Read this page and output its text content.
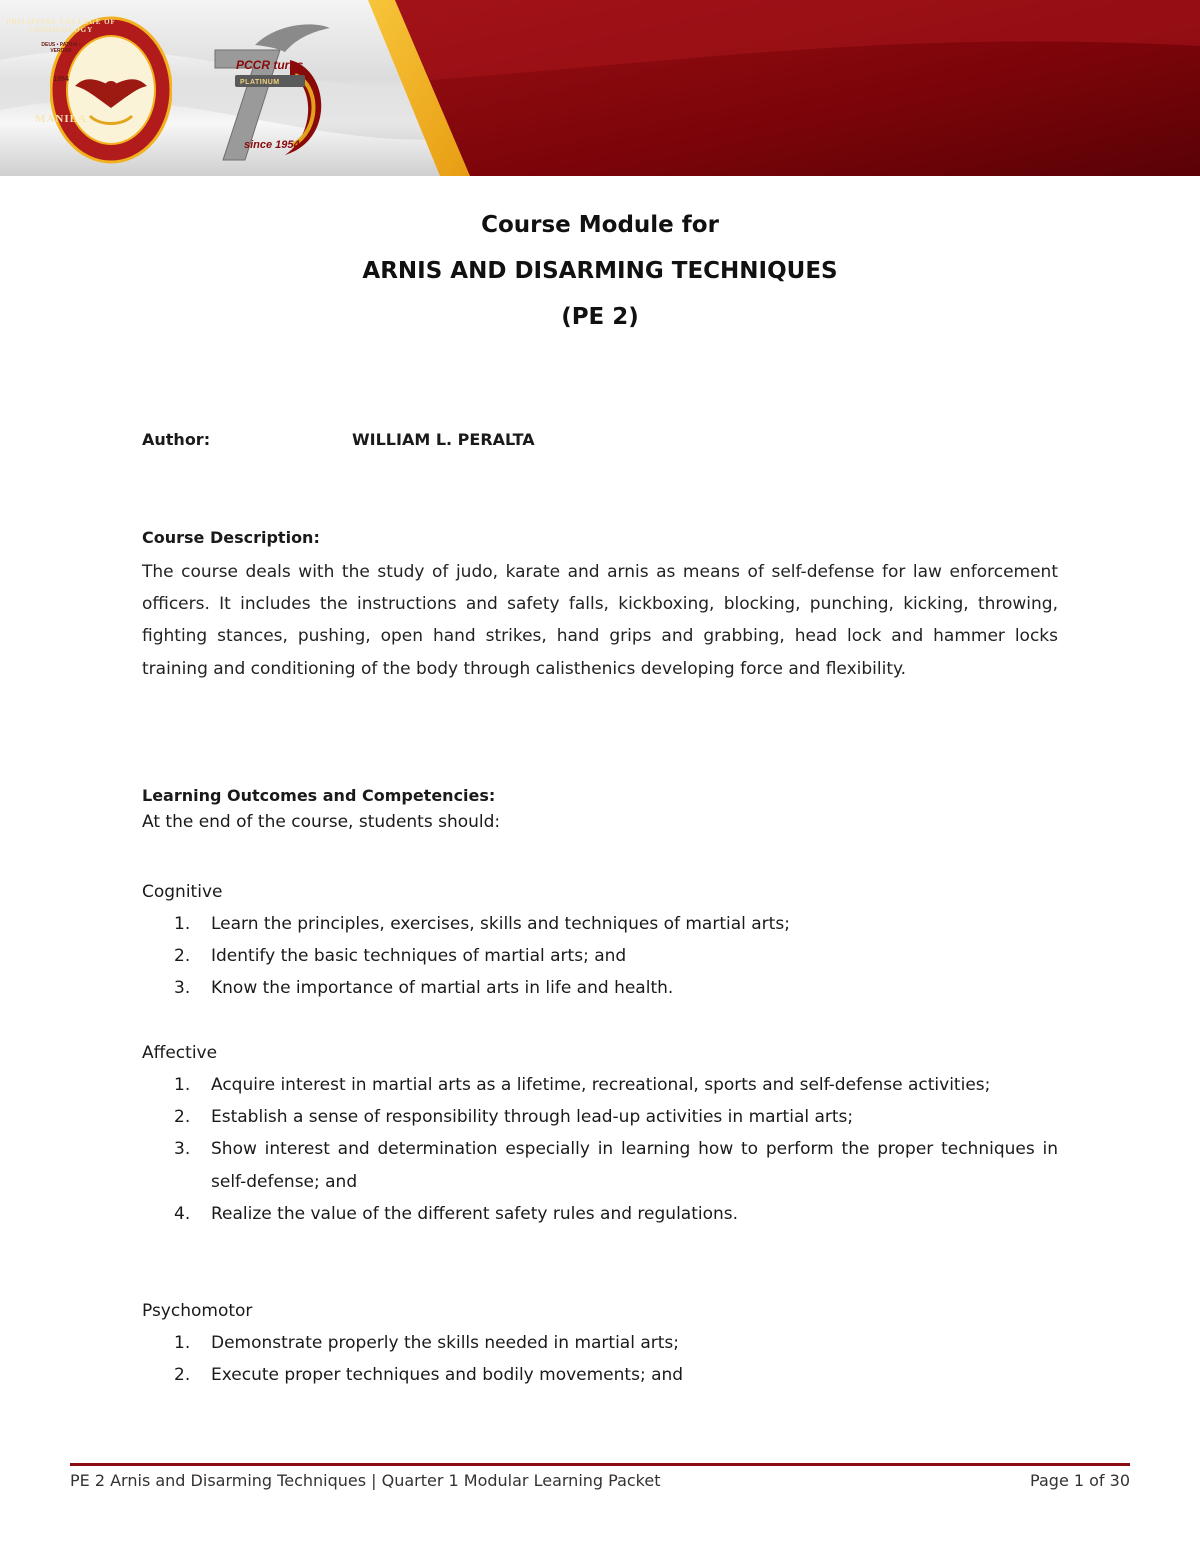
PHILIPPINE COLLEGE OF CRIMINOLOGY
MANILA
DEUS • PATRIA • VERITAS
1954
PCCR turns
PLATINUM
since 1954
Course Module for
ARNIS AND DISARMING TECHNIQUES
(PE 2)
Author:	WILLIAM L. PERALTA
Course Description:
The course deals with the study of judo, karate and arnis as means of self-defense for law enforcement officers. It includes the instructions and safety falls, kickboxing, blocking, punching, kicking, throwing, fighting stances, pushing, open hand strikes, hand grips and grabbing, head lock and hammer locks training and conditioning of the body through calisthenics developing force and flexibility.
Learning Outcomes and Competencies:
At the end of the course, students should:
Cognitive
1. Learn the principles, exercises, skills and techniques of martial arts;
2. Identify the basic techniques of martial arts; and
3. Know the importance of martial arts in life and health.
Affective
1. Acquire interest in martial arts as a lifetime, recreational, sports and self-defense activities;
2. Establish a sense of responsibility through lead-up activities in martial arts;
3. Show interest and determination especially in learning how to perform the proper techniques in self-defense; and
4. Realize the value of the different safety rules and regulations.
Psychomotor
1. Demonstrate properly the skills needed in martial arts;
2. Execute proper techniques and bodily movements; and
PE 2 Arnis and Disarming Techniques | Quarter 1 Modular Learning Packet	Page 1 of 30
